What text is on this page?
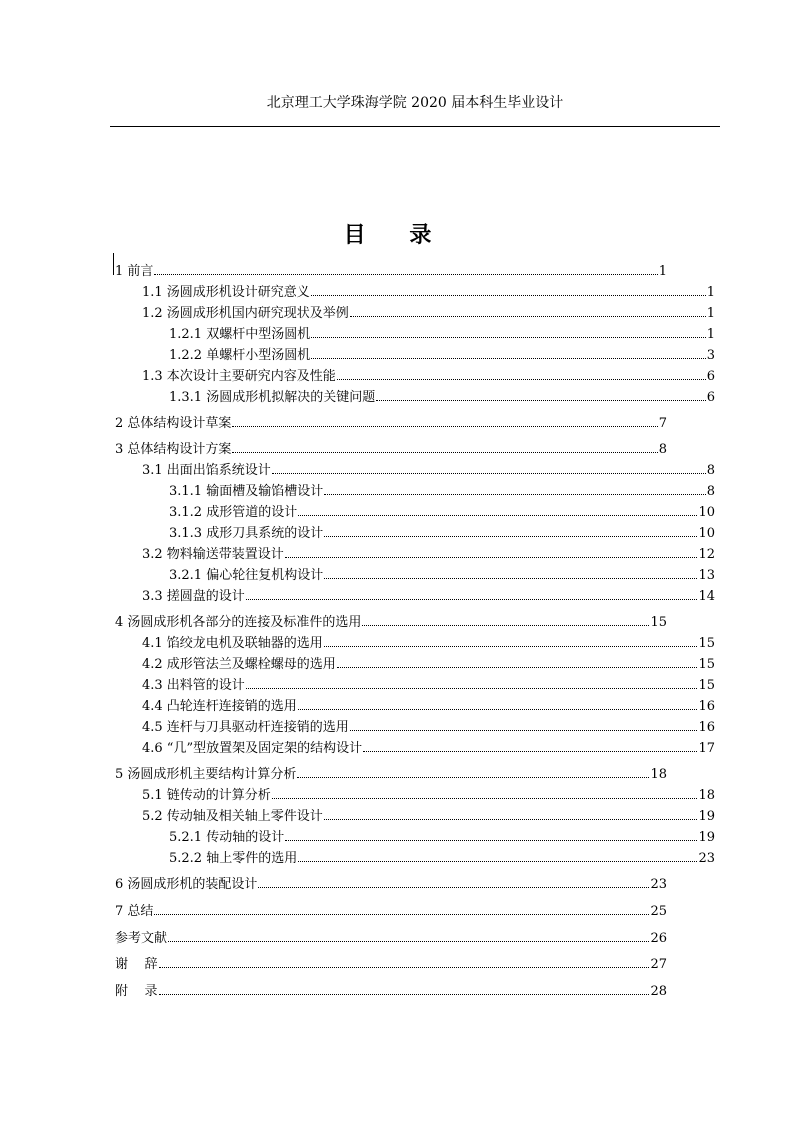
北京理工大学珠海学院 2020 届本科生毕业设计
目 录
1 前言	1
1.1 汤圆成形机设计研究意义	1
1.2 汤圆成形机国内研究现状及举例	1
1.2.1 双螺杆中型汤圆机	1
1.2.2 单螺杆小型汤圆机	3
1.3 本次设计主要研究内容及性能	6
1.3.1 汤圆成形机拟解决的关键问题	6
2 总体结构设计草案	7
3 总体结构设计方案	8
3.1 出面出馅系统设计	8
3.1.1 输面槽及输馅槽设计	8
3.1.2 成形管道的设计	10
3.1.3 成形刀具系统的设计	10
3.2 物料输送带装置设计	12
3.2.1 偏心轮往复机构设计	13
3.3 搓圆盘的设计	14
4 汤圆成形机各部分的连接及标准件的选用	15
4.1 馅绞龙电机及联轴器的选用	15
4.2 成形管法兰及螺栓螺母的选用	15
4.3 出料管的设计	15
4.4 凸轮连杆连接销的选用	16
4.5 连杆与刀具驱动杆连接销的选用	16
4.6 “几”型放置架及固定架的结构设计	17
5 汤圆成形机主要结构计算分析	18
5.1 链传动的计算分析	18
5.2 传动轴及相关轴上零件设计	19
5.2.1 传动轴的设计	19
5.2.2 轴上零件的选用	23
6 汤圆成形机的装配设计	23
7 总结	25
参考文献	26
谢    辞	27
附    录	28
